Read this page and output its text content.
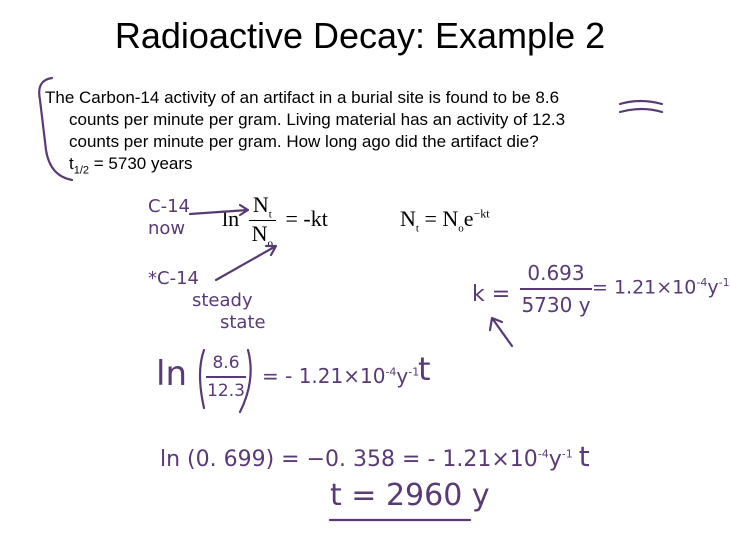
Radioactive Decay: Example 2
The Carbon-14 activity of an artifact in a burial site is found to be 8.6
counts per minute per gram. Living material has an activity of 12.3
counts per minute per gram. How long ago did the artifact die?
$t_{1/2} = 5730$ years
$\ln \frac{N_t}{N_o} = -kt$	$N_t = N_oe^{-kt}$
C-14
now
*C-14
steady
state
$k = \frac{0.693}{5730 y} = 1.21\times 10^{-4}y^{-1}$
$\ln \frac{8.6}{12.3}$ = - $1.21\times 10^{-4}y^{-1}$
t
ln (0. 699) = −0. 358 = - $1.21\times 10^{-4}y^{-1}$ t
t = 2960 y
